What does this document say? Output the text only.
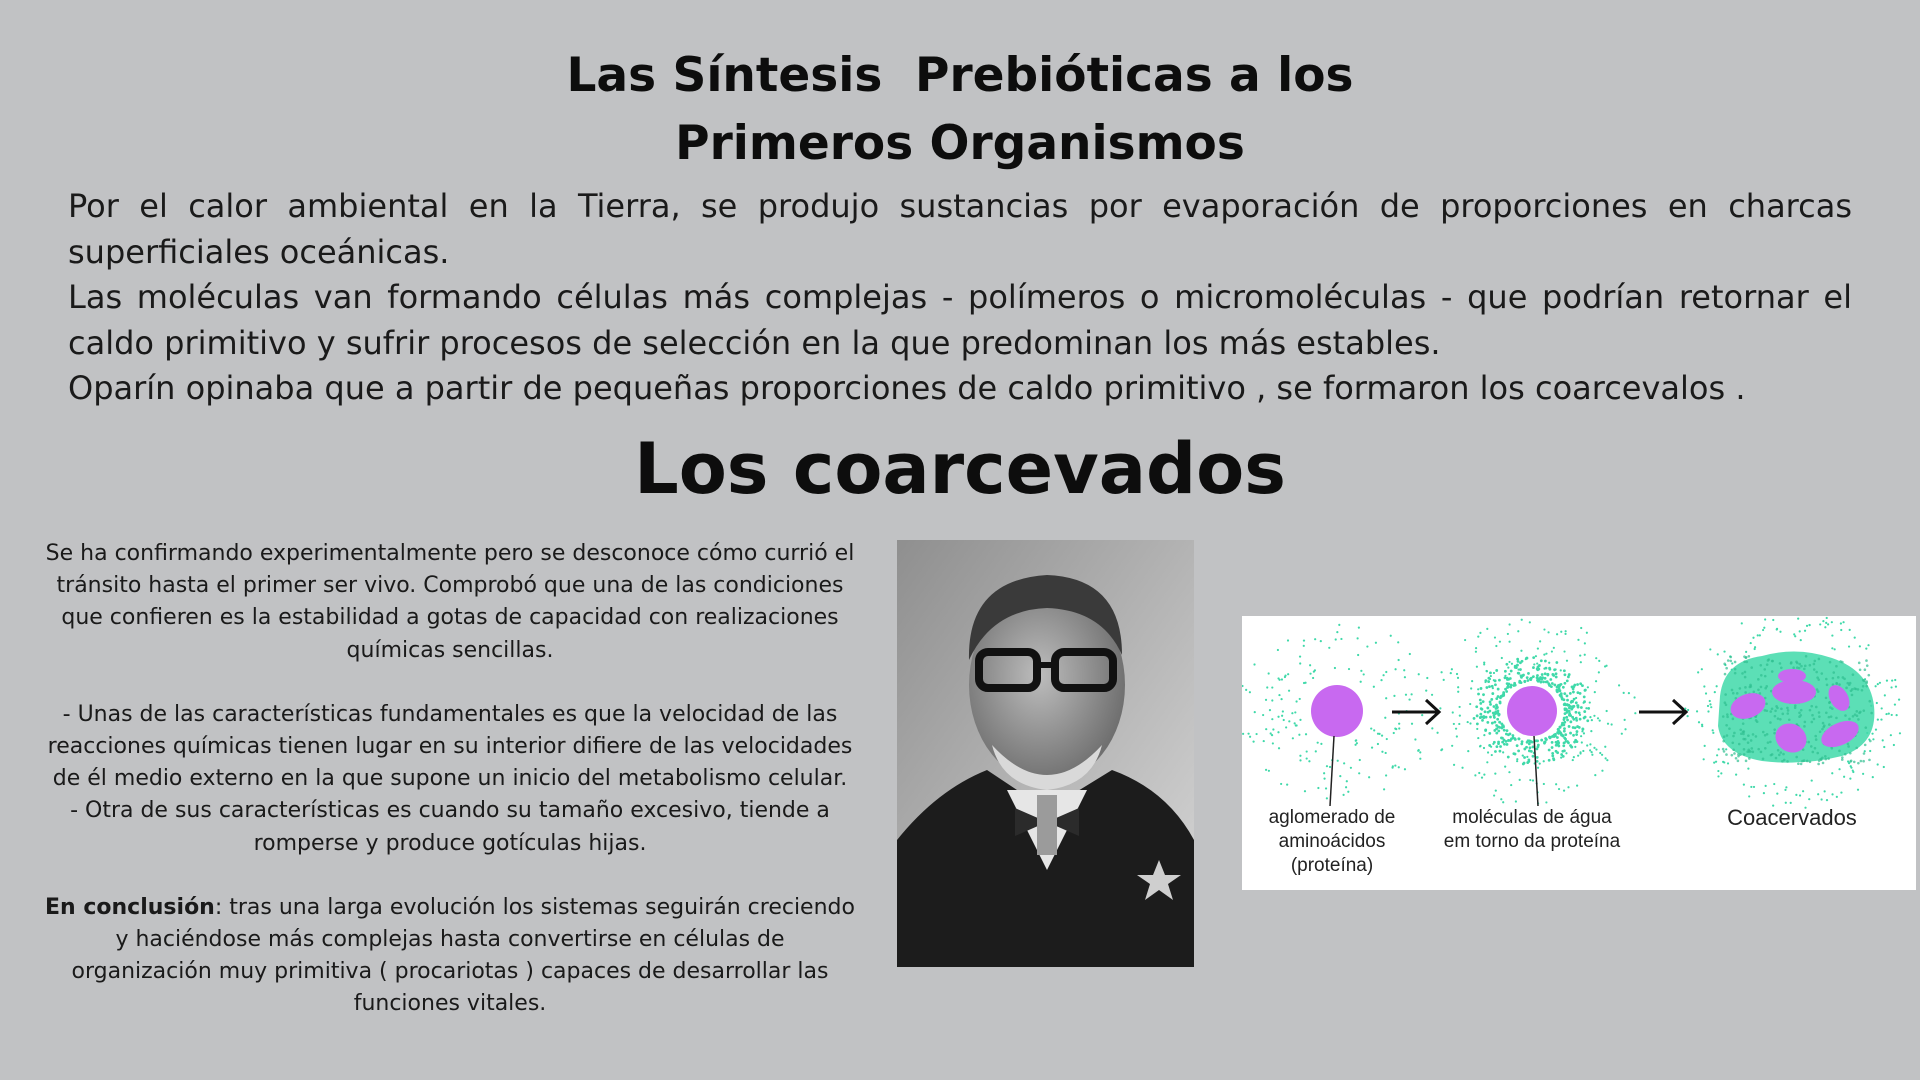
Las Síntesis  Prebióticas a los
Primeros Organismos

Por el calor ambiental en la Tierra, se produjo sustancias por evaporación de proporciones en charcas superficiales oceánicas.

Las moléculas van formando células más complejas - polímeros o micromoléculas - que podrían retornar el caldo primitivo y sufrir procesos de selección en la que predominan los más estables.

Oparín opinaba que a partir de pequeñas proporciones de caldo primitivo , se formaron los coarcevalos .

Los coarcevados

Se ha confirmando experimentalmente pero se desconoce cómo currió el tránsito hasta el primer ser vivo. Comprobó que una de las condiciones que confieren es la estabilidad a gotas de capacidad con realizaciones químicas sencillas.

- Unas de las características fundamentales es que la velocidad de las reacciones químicas tienen lugar en su interior difiere de las velocidades de él medio externo en la que supone un inicio del metabolismo celular.

- Otra de sus características es cuando su tamaño excesivo, tiende a romperse y produce gotículas hijas.

En conclusión: tras una larga evolución los sistemas seguirán creciendo y haciéndose más complejas hasta convertirse en células de organización muy primitiva ( procariotas ) capaces de desarrollar las funciones vitales.

aglomerado de
aminoácidos
(proteína)
moléculas de água
em torno da proteína
Coacervados
